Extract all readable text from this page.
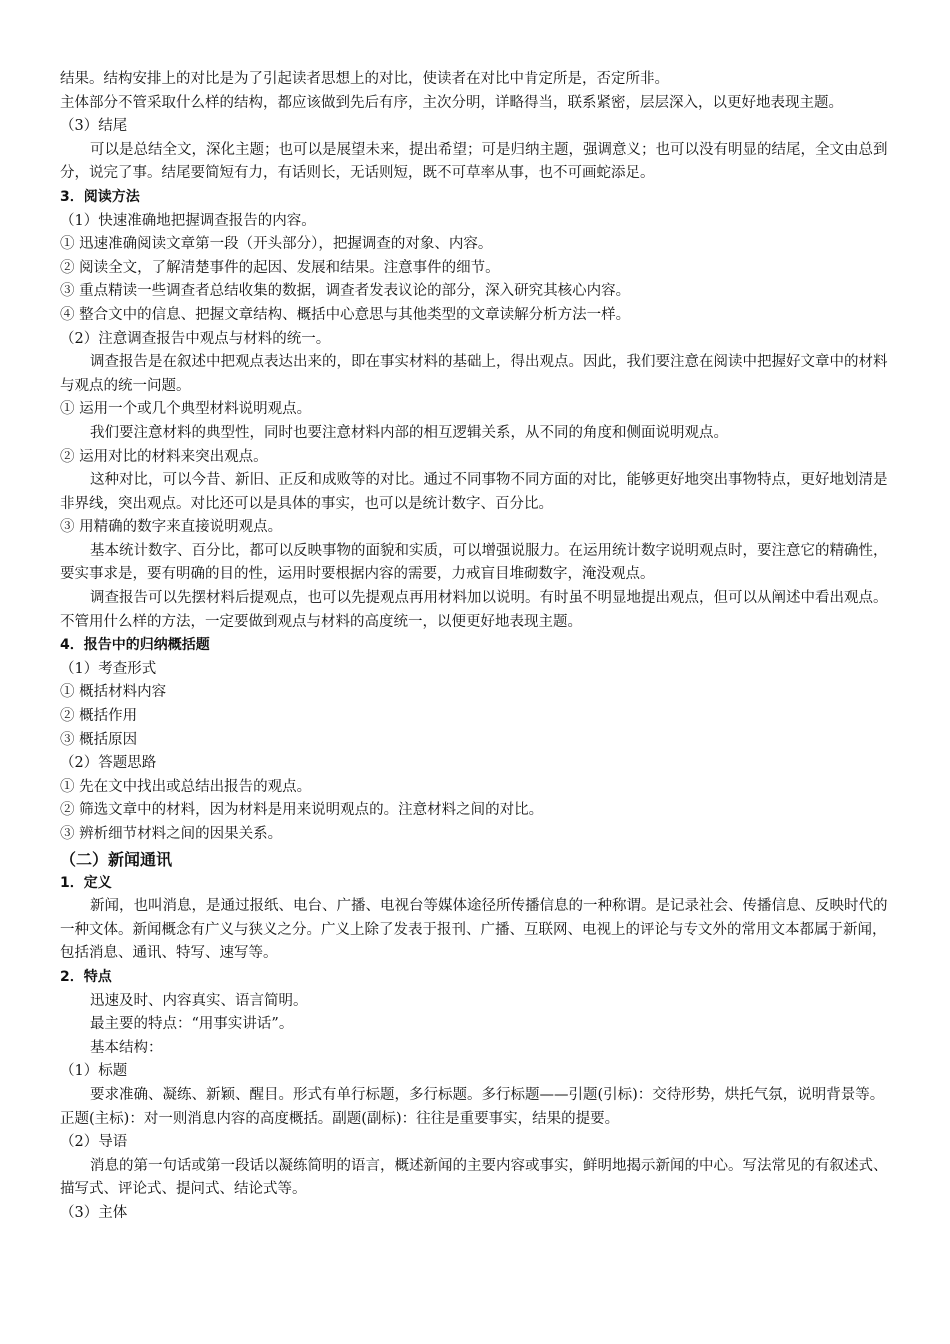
结果。结构安排上的对比是为了引起读者思想上的对比，使读者在对比中肯定所是，否定所非。

主体部分不管采取什么样的结构，都应该做到先后有序，主次分明，详略得当，联系紧密，层层深入，以更好地表现主题。

（3）结尾

可以是总结全文，深化主题；也可以是展望未来，提出希望；可是归纳主题，强调意义；也可以没有明显的结尾，全文由总到分，说完了事。结尾要简短有力，有话则长，无话则短，既不可草率从事，也不可画蛇添足。

3．阅读方法

（1）快速准确地把握调查报告的内容。

① 迅速准确阅读文章第一段（开头部分），把握调查的对象、内容。

② 阅读全文，了解清楚事件的起因、发展和结果。注意事件的细节。

③ 重点精读一些调查者总结收集的数据，调查者发表议论的部分，深入研究其核心内容。

④ 整合文中的信息、把握文章结构、概括中心意思与其他类型的文章读解分析方法一样。

（2）注意调查报告中观点与材料的统一。

调查报告是在叙述中把观点表达出来的，即在事实材料的基础上，得出观点。因此，我们要注意在阅读中把握好文章中的材料与观点的统一问题。

① 运用一个或几个典型材料说明观点。

我们要注意材料的典型性，同时也要注意材料内部的相互逻辑关系，从不同的角度和侧面说明观点。

② 运用对比的材料来突出观点。

这种对比，可以今昔、新旧、正反和成败等的对比。通过不同事物不同方面的对比，能够更好地突出事物特点，更好地划清是非界线，突出观点。对比还可以是具体的事实，也可以是统计数字、百分比。

③ 用精确的数字来直接说明观点。

基本统计数字、百分比，都可以反映事物的面貌和实质，可以增强说服力。在运用统计数字说明观点时，要注意它的精确性，要实事求是，要有明确的目的性，运用时要根据内容的需要，力戒盲目堆砌数字，淹没观点。

调查报告可以先摆材料后提观点，也可以先提观点再用材料加以说明。有时虽不明显地提出观点，但可以从阐述中看出观点。不管用什么样的方法，一定要做到观点与材料的高度统一，以便更好地表现主题。

4．报告中的归纳概括题

（1）考查形式

① 概括材料内容

② 概括作用

③ 概括原因

（2）答题思路

① 先在文中找出或总结出报告的观点。

② 筛选文章中的材料，因为材料是用来说明观点的。注意材料之间的对比。

③ 辨析细节材料之间的因果关系。

（二）新闻通讯

1．定义

新闻，也叫消息，是通过报纸、电台、广播、电视台等媒体途径所传播信息的一种称谓。是记录社会、传播信息、反映时代的一种文体。新闻概念有广义与狭义之分。广义上除了发表于报刊、广播、互联网、电视上的评论与专文外的常用文本都属于新闻，包括消息、通讯、特写、速写等。

2．特点

迅速及时、内容真实、语言简明。

最主要的特点：“用事实讲话”。

基本结构：

（1）标题

要求准确、凝练、新颖、醒目。形式有单行标题，多行标题。多行标题——引题(引标)：交待形势，烘托气氛，说明背景等。正题(主标)：对一则消息内容的高度概括。副题(副标)：往往是重要事实，结果的提要。

（2）导语

消息的第一句话或第一段话以凝练简明的语言，概述新闻的主要内容或事实，鲜明地揭示新闻的中心。写法常见的有叙述式、描写式、评论式、提问式、结论式等。

（3）主体
